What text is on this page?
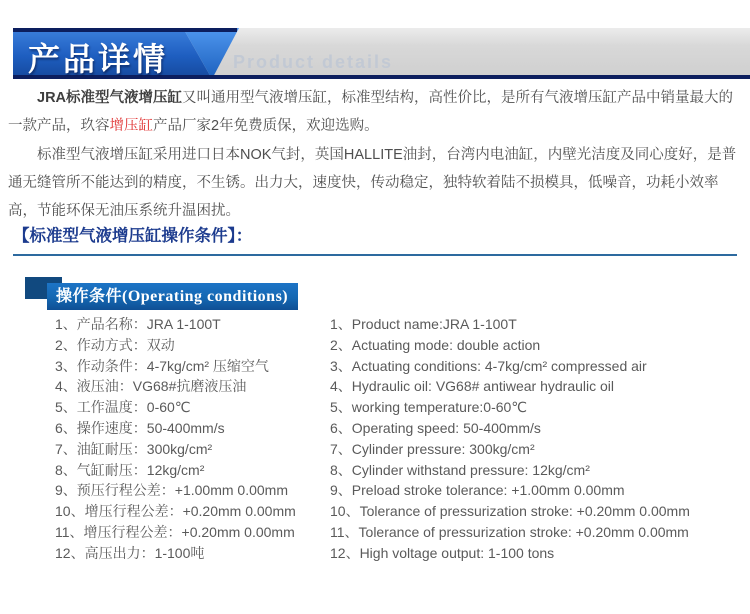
产品详情	Product details

JRA标准型气液增压缸又叫通用型气液增压缸，标准型结构，高性价比，是所有气液增压缸产品中销量最大的一款产品，玖容增压缸产品厂家2年免费质保，欢迎选购。

标准型气液增压缸采用进口日本NOK气封，英国HALLITE油封，台湾内电油缸，内壁光洁度及同心度好，是普通无缝管所不能达到的精度，不生锈。出力大，速度快，传动稳定，独特软着陆不损模具，低噪音，功耗小效率高，节能环保无油压系统升温困扰。

【标准型气液增压缸操作条件】：
操作条件(Operating conditions)
1、产品名称：JRA 1-100T
2、作动方式：双动
3、作动条件：4-7kg/cm² 压缩空气
4、液压油：VG68#抗磨液压油
5、工作温度：0-60℃
6、操作速度：50-400mm/s
7、油缸耐压：300kg/cm²
8、气缸耐压：12kg/cm²
9、预压行程公差：+1.00mm 0.00mm
10、增压行程公差：+0.20mm 0.00mm
11、增压行程公差：+0.20mm 0.00mm
12、高压出力：1-100吨
1、Product name:JRA 1-100T
2、Actuating mode: double action
3、Actuating conditions: 4-7kg/cm² compressed air
4、Hydraulic oil: VG68# antiwear hydraulic oil
5、working temperature:0-60℃
6、Operating speed: 50-400mm/s
7、Cylinder pressure: 300kg/cm²
8、Cylinder withstand pressure: 12kg/cm²
9、Preload stroke tolerance: +1.00mm 0.00mm
10、Tolerance of pressurization stroke: +0.20mm 0.00mm
11、Tolerance of pressurization stroke: +0.20mm 0.00mm
12、High voltage output: 1-100 tons
